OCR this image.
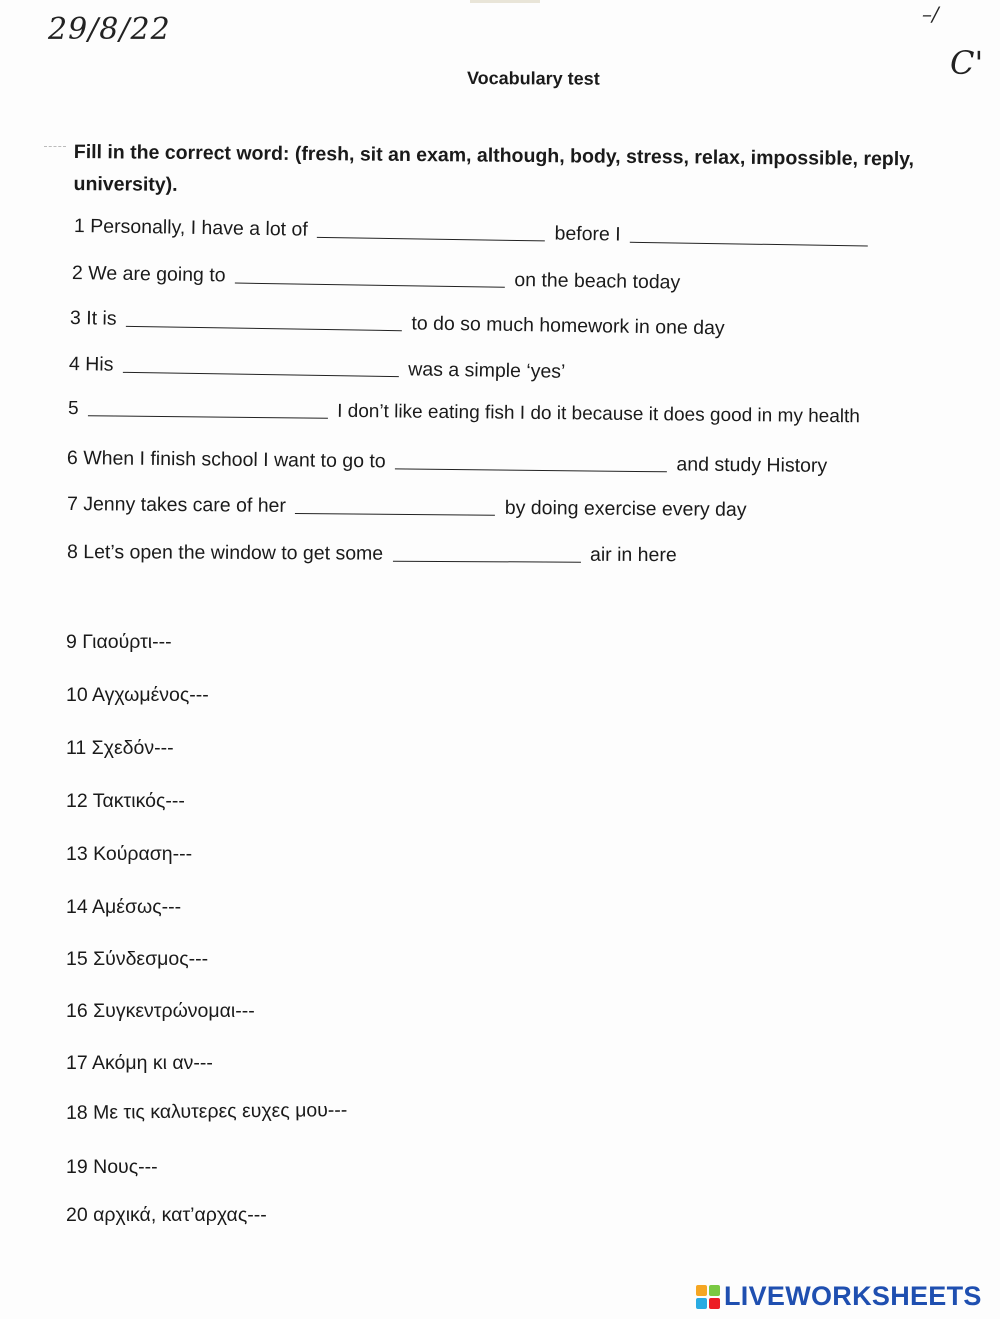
29/8/22	–/
C'
Vocabulary test
Fill in the correct word: (fresh, sit an exam, although, body, stress, relax, impossible, reply, university).
1 Personally, I have a lot of	before I
2 We are going to	on the beach today
3 It is	to do so much homework in one day
4 His	was a simple ‘yes’
5	I don’t like eating fish I do it because it does good in my health
6 When I finish school I want to go to	and study History
7 Jenny takes care of her	by doing exercise every day
8 Let’s open the window to get some	air in here
9 Γιαούρτι---
10 Αγχωμένος---
11 Σχεδόν---
12 Τακτικός---
13 Κούραση---
14 Αμέσως---
15 Σύνδεσμος---
16 Συγκεντρώνομαι---
17 Ακόμη κι αν---
18 Με τις καλυτερες ευχες μου---
19 Νους---
20 αρχικά, κατ’αρχας---
LIVEWORKSHEETS
